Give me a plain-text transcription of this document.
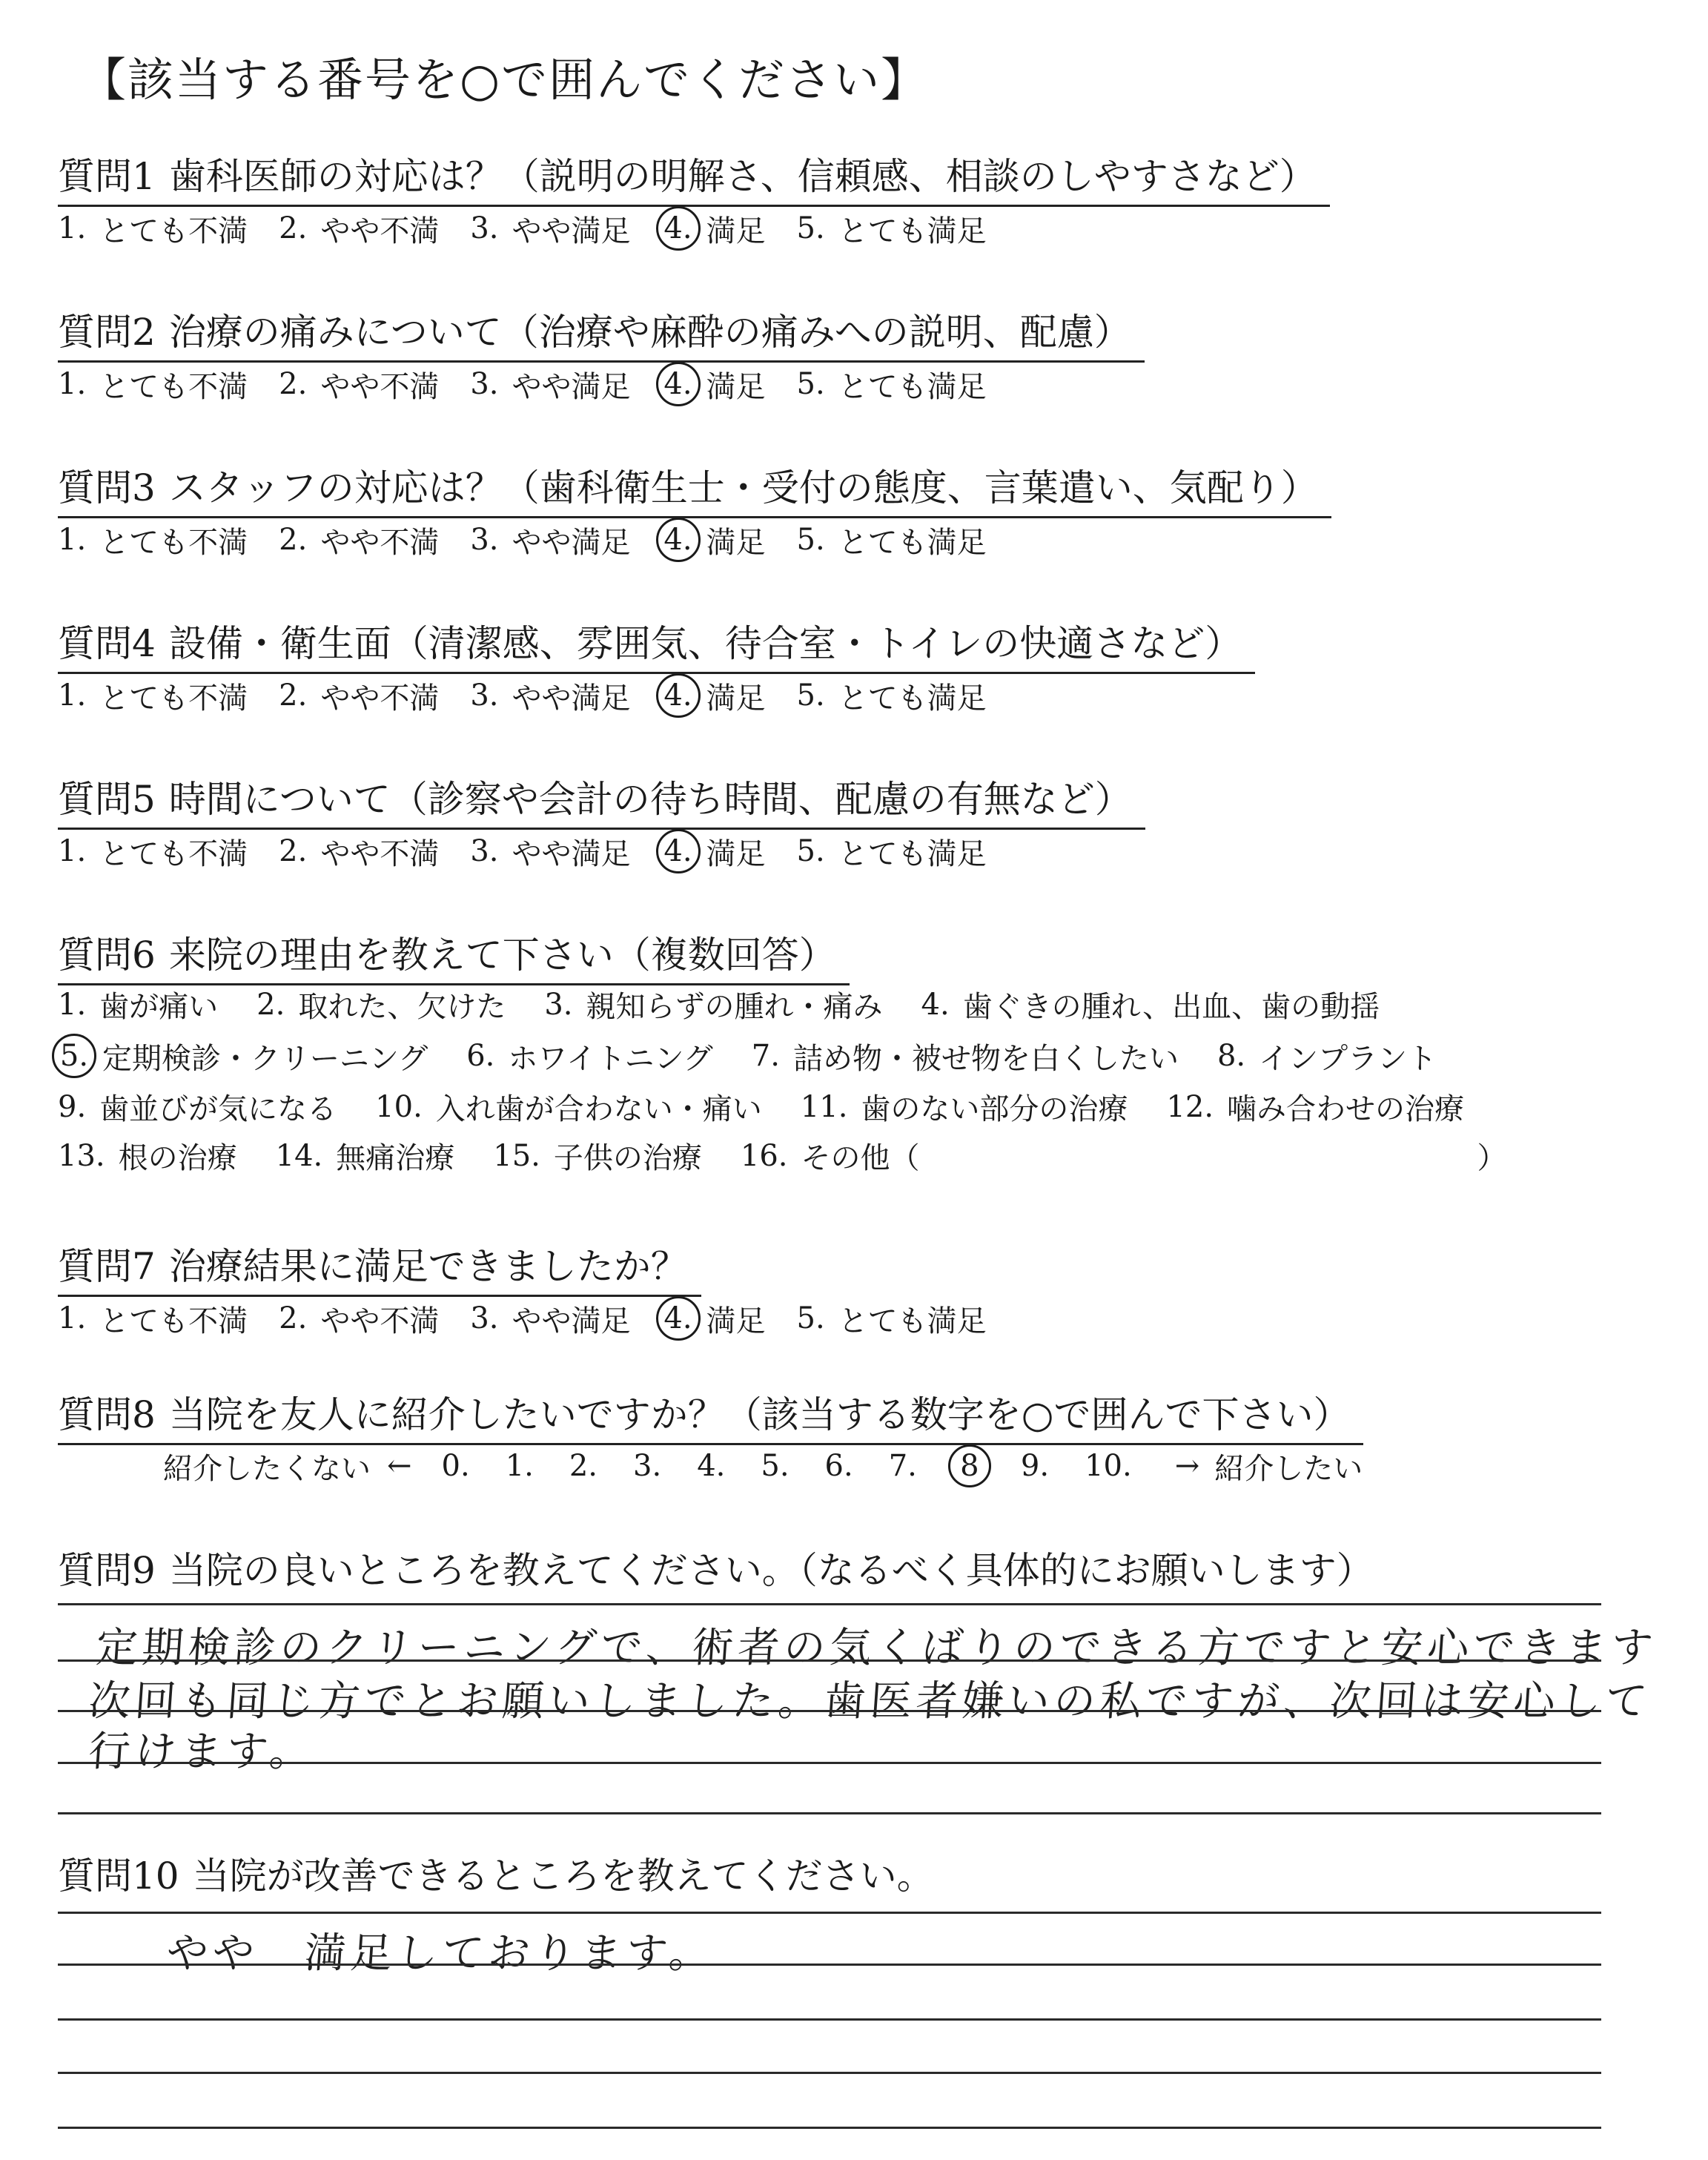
【該当する番号を○で囲んでください】
質問1 歯科医師の対応は？（説明の明解さ、信頼感、相談のしやすさなど）
1. とても不満 2. やや不満 3. やや満足 4. 満足 5. とても満足
質問2 治療の痛みについて（治療や麻酔の痛みへの説明、配慮）
1. とても不満 2. やや不満 3. やや満足 4. 満足 5. とても満足
質問3 スタッフの対応は？（歯科衛生士・受付の態度、言葉遣い、気配り）
1. とても不満 2. やや不満 3. やや満足 4. 満足 5. とても満足
質問4 設備・衛生面（清潔感、雰囲気、待合室・トイレの快適さなど）
1. とても不満 2. やや不満 3. やや満足 4. 満足 5. とても満足
質問5 時間について（診察や会計の待ち時間、配慮の有無など）
1. とても不満 2. やや不満 3. やや満足 4. 満足 5. とても満足
質問6 来院の理由を教えて下さい（複数回答）
1. 歯が痛い 2. 取れた、欠けた 3. 親知らずの腫れ・痛み 4. 歯ぐきの腫れ、出血、歯の動揺
5. 定期検診・クリーニング 6. ホワイトニング 7. 詰め物・被せ物を白くしたい 8. インプラント
9. 歯並びが気になる 10. 入れ歯が合わない・痛い 11. 歯のない部分の治療 12. 噛み合わせの治療
13. 根の治療 14. 無痛治療 15. 子供の治療 16. その他（	）
質問7 治療結果に満足できましたか？
1. とても不満 2. やや不満 3. やや満足 4. 満足 5. とても満足
質問8 当院を友人に紹介したいですか？（該当する数字を○で囲んで下さい）
紹介したくない ← 0. 1. 2. 3. 4. 5. 6. 7.	8	9. 10. → 紹介したい
質問9 当院の良いところを教えてください。（なるべく具体的にお願いします）
定期検診のクリーニングで、術者の気くばりのできる方ですと安心できます
次回も同じ方でとお願いしました。歯医者嫌いの私ですが、次回は安心して
行けます。
質問10 当院が改善できるところを教えてください。
やや　満足しております。
